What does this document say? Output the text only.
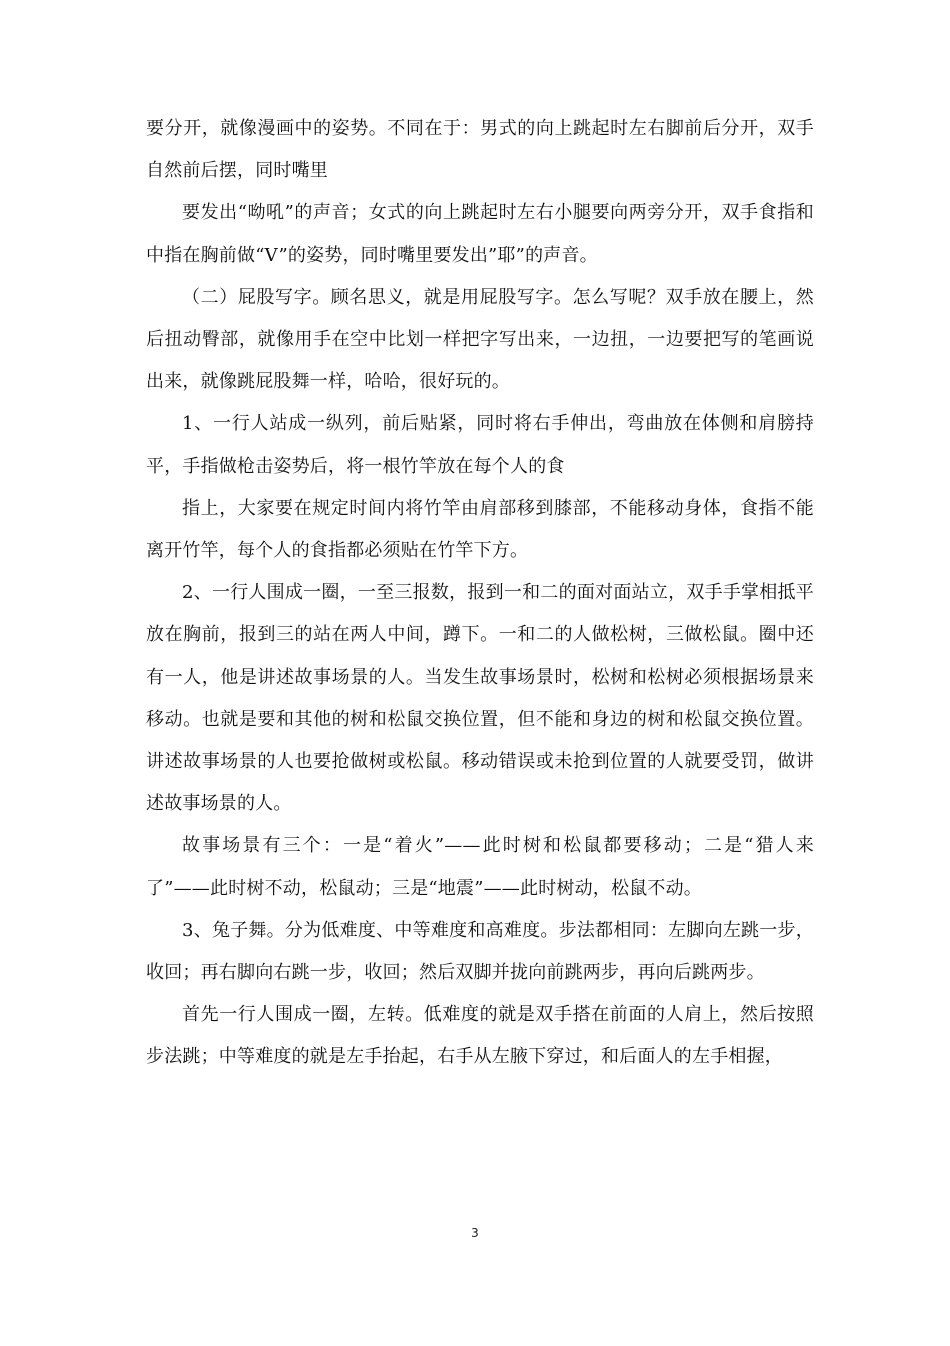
要分开，就像漫画中的姿势。不同在于：男式的向上跳起时左右脚前后分开，双手自然前后摆，同时嘴里

要发出“呦吼”的声音；女式的向上跳起时左右小腿要向两旁分开，双手食指和中指在胸前做“V”的姿势，同时嘴里要发出”耶”的声音。

（二）屁股写字。顾名思义，就是用屁股写字。怎么写呢？双手放在腰上，然后扭动臀部，就像用手在空中比划一样把字写出来，一边扭，一边要把写的笔画说出来，就像跳屁股舞一样，哈哈，很好玩的。

1、一行人站成一纵列，前后贴紧，同时将右手伸出，弯曲放在体侧和肩膀持平，手指做枪击姿势后，将一根竹竿放在每个人的食

指上，大家要在规定时间内将竹竿由肩部移到膝部，不能移动身体，食指不能离开竹竿，每个人的食指都必须贴在竹竿下方。

2、一行人围成一圈，一至三报数，报到一和二的面对面站立，双手手掌相抵平放在胸前，报到三的站在两人中间，蹲下。一和二的人做松树，三做松鼠。圈中还有一人，他是讲述故事场景的人。当发生故事场景时，松树和松树必须根据场景来移动。也就是要和其他的树和松鼠交换位置，但不能和身边的树和松鼠交换位置。讲述故事场景的人也要抢做树或松鼠。移动错误或未抢到位置的人就要受罚，做讲述故事场景的人。

故事场景有三个：一是“着火”——此时树和松鼠都要移动；二是“猎人来了”——此时树不动，松鼠动；三是“地震”——此时树动，松鼠不动。

3、兔子舞。分为低难度、中等难度和高难度。步法都相同：左脚向左跳一步，收回；再右脚向右跳一步，收回；然后双脚并拢向前跳两步，再向后跳两步。

首先一行人围成一圈，左转。低难度的就是双手搭在前面的人肩上，然后按照步法跳；中等难度的就是左手抬起，右手从左腋下穿过，和后面人的左手相握，

3
